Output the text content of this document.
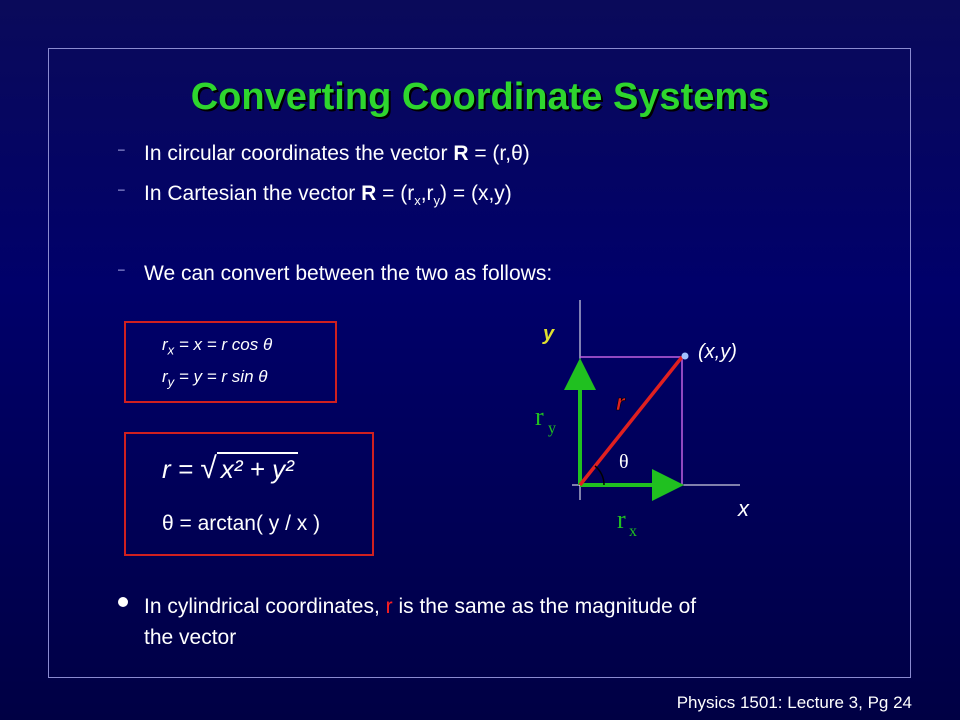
Converting Coordinate Systems
– In circular coordinates the vector R = (r,θ)
– In Cartesian the vector $R = (r_x,r_y) = (x,y)$
– We can convert between the two as follows:
$r_x = x = r$ cos θ
$r_y = y = r$ sin θ
r = √ x² + y²
θ = arctan( y / x )
y
x
(x,y)
r
θ
r y
r x
In cylindrical coordinates, r is the same as the magnitude of the vector
Physics 1501: Lecture 3, Pg 24
